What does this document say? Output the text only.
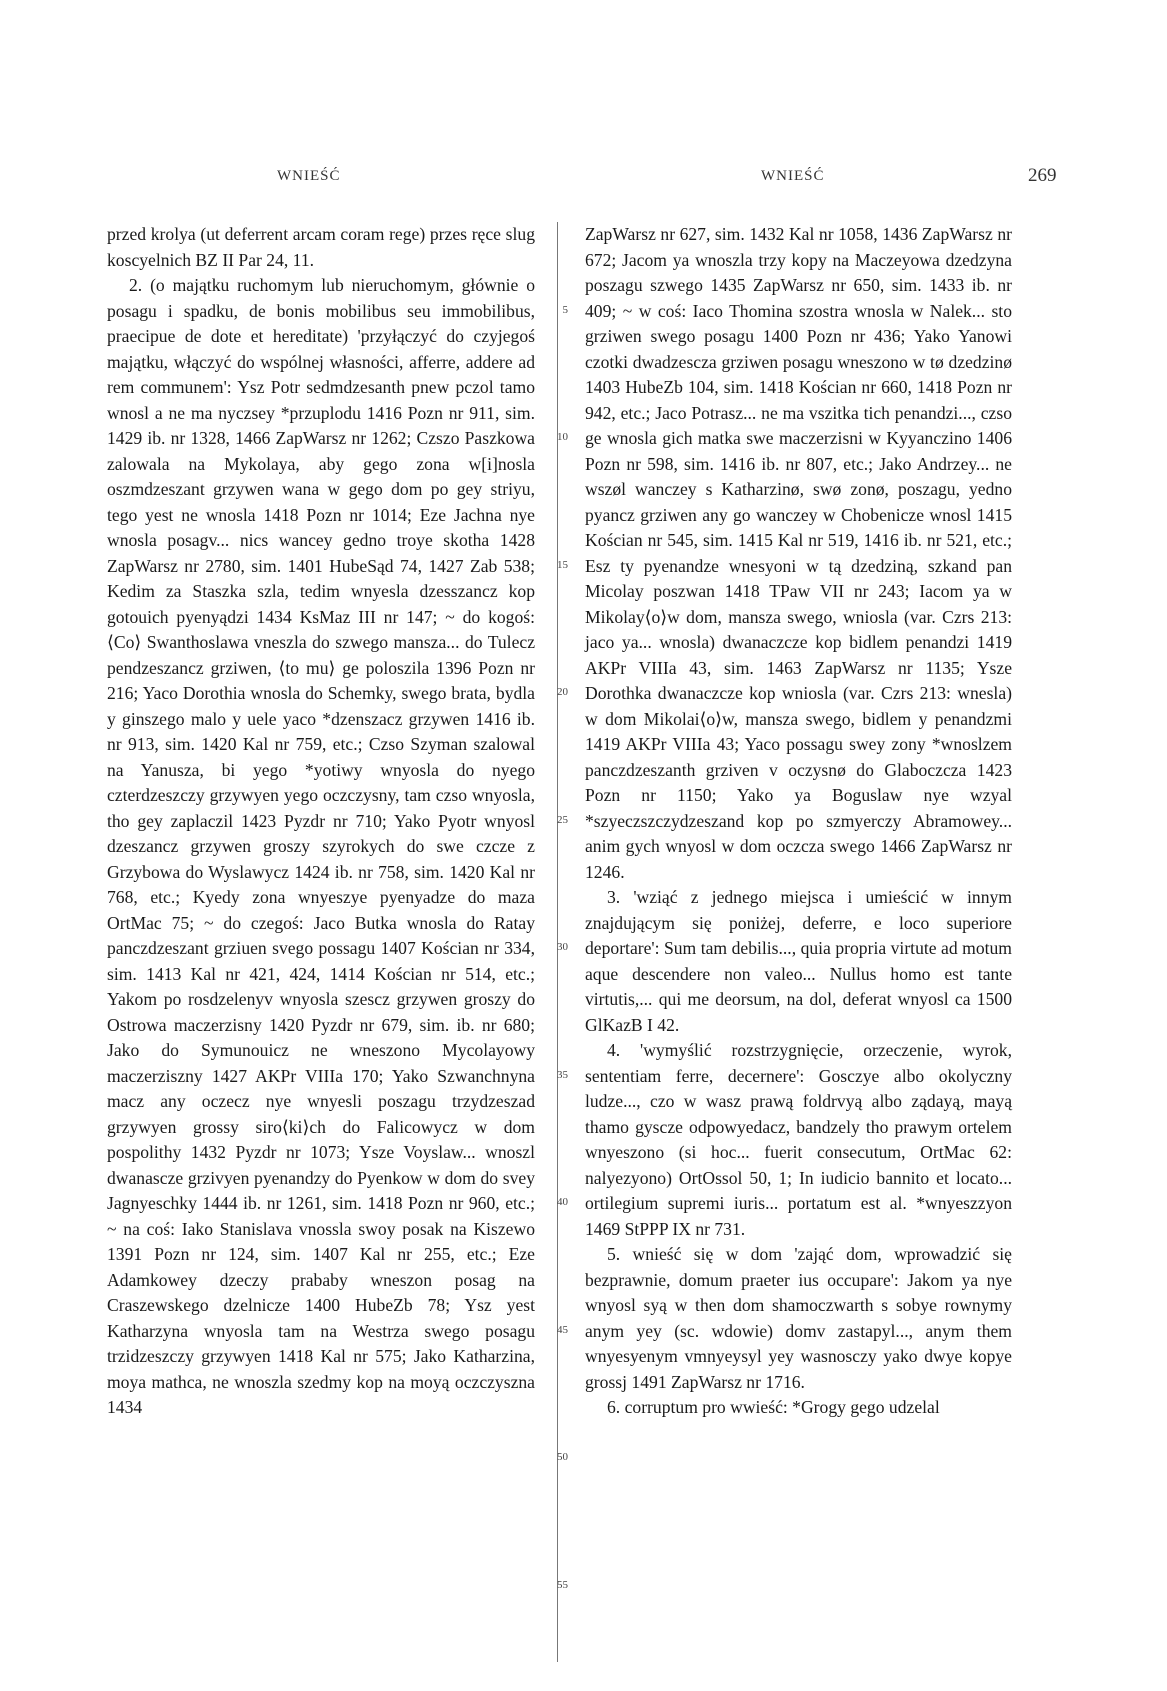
WNIEŚĆ	WNIEŚĆ	269

przed krolya (ut deferrent arcam coram rege) przes ręce slug koscyelnich BZ II Par 24, 11.

2. (o majątku ruchomym lub nieruchomym, głównie o posagu i spadku, de bonis mobilibus seu immobilibus, praecipue de dote et hereditate) 'przyłączyć do czyjegoś majątku, włączyć do wspólnej własności, afferre, addere ad rem communem': Ysz Potr sedmdzesanth pnew pczol tamo wnosl a ne ma nyczsey *przuplodu 1416 Pozn nr 911, sim. 1429 ib. nr 1328, 1466 ZapWarsz nr 1262; Czszo Paszkowa zalowala na Mykolaya, aby gego zona w[i]nosla oszmdzeszant grzywen wana w gego dom po gey striyu, tego yest ne wnosla 1418 Pozn nr 1014; Eze Jachna nye wnosla posagv... nics wancey gedno troye skotha 1428 ZapWarsz nr 2780, sim. 1401 HubeSąd 74, 1427 Zab 538; Kedim za Staszka szla, tedim wnyesla dzesszancz kop gotouich pyenyądzi 1434 KsMaz III nr 147; ~ do kogoś: ⟨Co⟩ Swanthoslawa vneszla do szwego mansza... do Tulecz pendzeszancz grziwen, ⟨to mu⟩ ge poloszila 1396 Pozn nr 216; Yaco Dorothia wnosla do Schemky, swego brata, bydla y ginszego malo y uele yaco *dzenszacz grzywen 1416 ib. nr 913, sim. 1420 Kal nr 759, etc.; Czso Szyman szalowal na Yanusza, bi yego *yotiwy wnyosla do nyego czterdzeszczy grzywyen yego oczczysny, tam czso wnyosla, tho gey zaplaczil 1423 Pyzdr nr 710; Yako Pyotr wnyosl dzeszancz grzywen groszy szyrokych do swe czcze z Grzybowa do Wyslawycz 1424 ib. nr 758, sim. 1420 Kal nr 768, etc.; Kyedy zona wnyeszye pyenyadze do maza OrtMac 75; ~ do czegoś: Jaco Butka wnosla do Ratay panczdzeszant grziuen svego possagu 1407 Kościan nr 334, sim. 1413 Kal nr 421, 424, 1414 Kościan nr 514, etc.; Yakom po rosdzelenyv wnyosla szescz grzywen groszy do Ostrowa maczerzisny 1420 Pyzdr nr 679, sim. ib. nr 680; Jako do Symunouicz ne wneszono Mycolayowy maczerziszny 1427 AKPr VIIIa 170; Yako Szwanchnyna macz any oczecz nye wnyesli poszagu trzydzeszad grzywyen grossy siro⟨ki⟩ch do Falicowycz w dom pospolithy 1432 Pyzdr nr 1073; Ysze Voyslaw... wnoszl dwanascze grzivyen pyenandzy do Pyenkow w dom do svey Jagnyeschky 1444 ib. nr 1261, sim. 1418 Pozn nr 960, etc.; ~ na coś: Iako Stanislava vnossla swoy posak na Kiszewo 1391 Pozn nr 124, sim. 1407 Kal nr 255, etc.; Eze Adamkowey dzeczy prababy wneszon posag na Craszewskego dzelnicze 1400 HubeZb 78; Ysz yest Katharzyna wnyosla tam na Westrza swego posagu trzidzeszczy grzywyen 1418 Kal nr 575; Jako Katharzina, moya mathca, ne wnoszla szedmy kop na moyą oczczyszna 1434

5
10
15
20
25
30
35
40
45
50
55

ZapWarsz nr 627, sim. 1432 Kal nr 1058, 1436 ZapWarsz nr 672; Jacom ya wnoszla trzy kopy na Maczeyowa dzedzyna poszagu szwego 1435 ZapWarsz nr 650, sim. 1433 ib. nr 409; ~ w coś: Iaco Thomina szostra wnosla w Nalek... sto grziwen swego posagu 1400 Pozn nr 436; Yako Yanowi czotki dwadzescza grziwen posagu wneszono w tø dzedzinø 1403 HubeZb 104, sim. 1418 Kościan nr 660, 1418 Pozn nr 942, etc.; Jaco Potrasz... ne ma vszitka tich penandzi..., czso ge wnosla gich matka swe maczerzisni w Kyyanczino 1406 Pozn nr 598, sim. 1416 ib. nr 807, etc.; Jako Andrzey... ne wszøl wanczey s Katharzinø, swø zonø, poszagu, yedno pyancz grziwen any go wanczey w Chobenicze wnosl 1415 Kościan nr 545, sim. 1415 Kal nr 519, 1416 ib. nr 521, etc.; Esz ty pyenandze wnesyoni w tą dzedziną, szkand pan Micolay poszwan 1418 TPaw VII nr 243; Iacom ya w Mikolay⟨o⟩w dom, mansza swego, wniosla (var. Czrs 213: jaco ya... wnosla) dwanaczcze kop bidlem penandzi 1419 AKPr VIIIa 43, sim. 1463 ZapWarsz nr 1135; Ysze Dorothka dwanaczcze kop wniosla (var. Czrs 213: wnesla) w dom Mikolai⟨o⟩w, mansza swego, bidlem y penandzmi 1419 AKPr VIIIa 43; Yaco possagu swey zony *wnoslzem panczdzeszanth grziven v oczysnø do Glaboczcza 1423 Pozn nr 1150; Yako ya Boguslaw nye wzyal *szyeczszczydzeszand kop po szmyerczy Abramowey... anim gych wnyosl w dom oczcza swego 1466 ZapWarsz nr 1246.

3. 'wziąć z jednego miejsca i umieścić w innym znajdującym się poniżej, deferre, e loco superiore deportare': Sum tam debilis..., quia propria virtute ad motum aque descendere non valeo... Nullus homo est tante virtutis,... qui me deorsum, na dol, deferat wnyosl ca 1500 GlKazB I 42.

4. 'wymyślić rozstrzygnięcie, orzeczenie, wyrok, sententiam ferre, decernere': Gosczye albo okolyczny ludze..., czo w wasz prawą foldrvyą albo ządayą, mayą thamo gysczе odpowyedacz, bandzely tho prawym ortelem wnyeszono (si hoc... fuerit consecutum, OrtMac 62: nalyezyono) OrtOssol 50, 1; In iudicio bannito et locato... ortilegium supremi iuris... portatum est al. *wnyeszzyon 1469 StPPP IX nr 731.

5. wnieść się w dom 'zająć dom, wprowadzić się bezprawnie, domum praeter ius occupare': Jakom ya nye wnyosl syą w then dom shamoczwarth s sobye rownymy anym yey (sc. wdowie) domv zastapyl..., anym them wnyesyenym vmnyeysyl yey wasnosczy yako dwye kopye grossj 1491 ZapWarsz nr 1716.

6. corruptum pro wwieść: *Grogy gego udzelal
